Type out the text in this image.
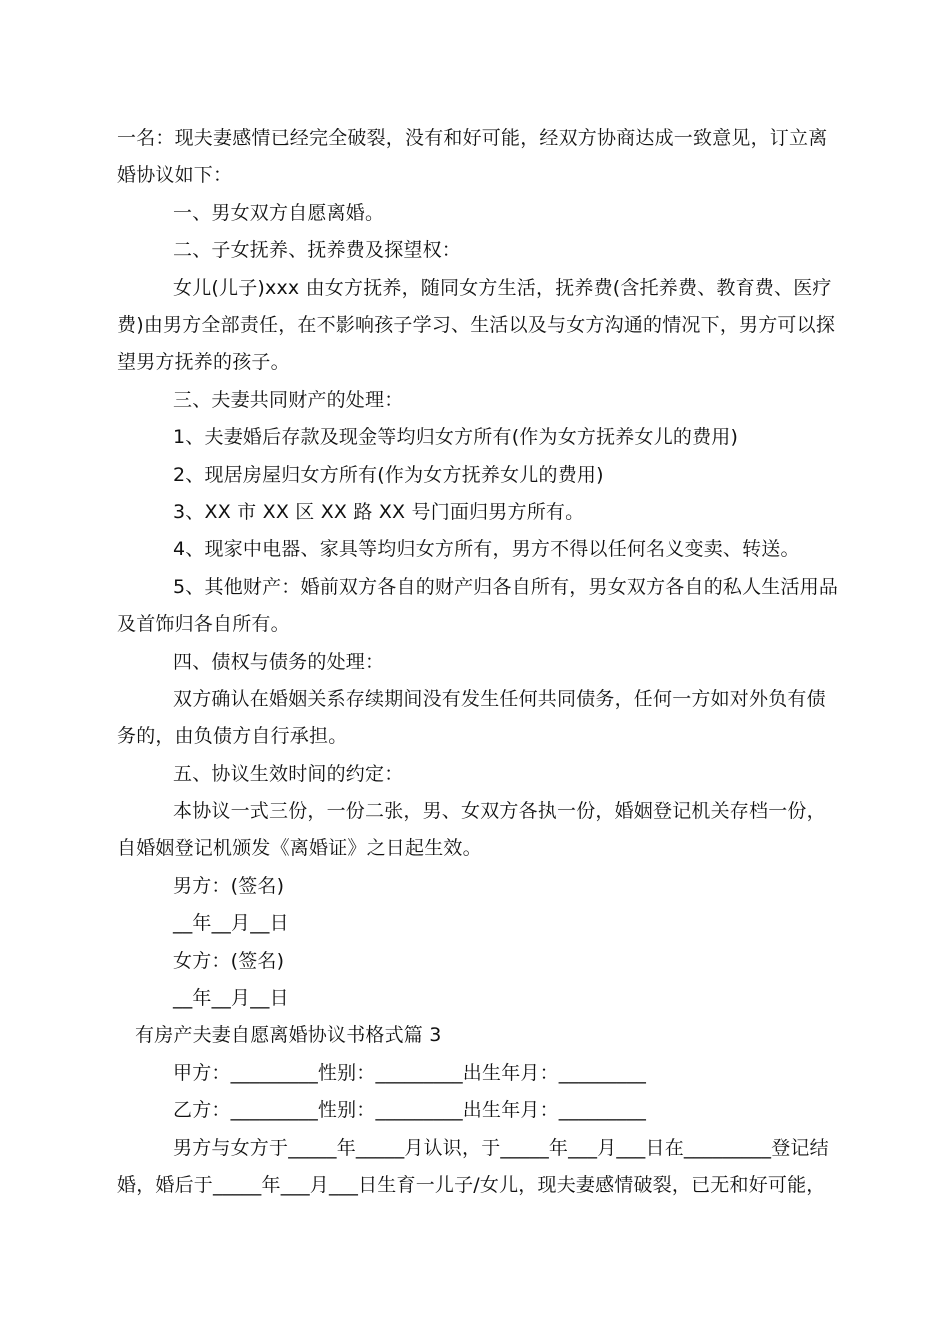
一名：现夫妻感情已经完全破裂，没有和好可能，经双方协商达成一致意见，订立离
婚协议如下：
一、男女双方自愿离婚。
二、子女抚养、抚养费及探望权：
女儿(儿子)xxx 由女方抚养，随同女方生活，抚养费(含托养费、教育费、医疗
费)由男方全部责任，在不影响孩子学习、生活以及与女方沟通的情况下，男方可以探
望男方抚养的孩子。
三、夫妻共同财产的处理：
1、夫妻婚后存款及现金等均归女方所有(作为女方抚养女儿的费用)
2、现居房屋归女方所有(作为女方抚养女儿的费用)
3、XX 市 XX 区 XX 路 XX 号门面归男方所有。
4、现家中电器、家具等均归女方所有，男方不得以任何名义变卖、转送。
5、其他财产：婚前双方各自的财产归各自所有，男女双方各自的私人生活用品
及首饰归各自所有。
四、债权与债务的处理：
双方确认在婚姻关系存续期间没有发生任何共同债务，任何一方如对外负有债
务的，由负债方自行承担。
五、协议生效时间的约定：
本协议一式三份，一份二张，男、女双方各执一份，婚姻登记机关存档一份，
自婚姻登记机颁发《离婚证》之日起生效。
男方：(签名)
__年__月__日
女方：(签名)
__年__月__日
有房产夫妻自愿离婚协议书格式篇 3
甲方：_________性别：_________出生年月：_________
乙方：_________性别：_________出生年月：_________
男方与女方于_____年_____月认识，于_____年___月___日在_________登记结
婚，婚后于_____年___月___日生育一儿子/女儿，现夫妻感情破裂，已无和好可能，
